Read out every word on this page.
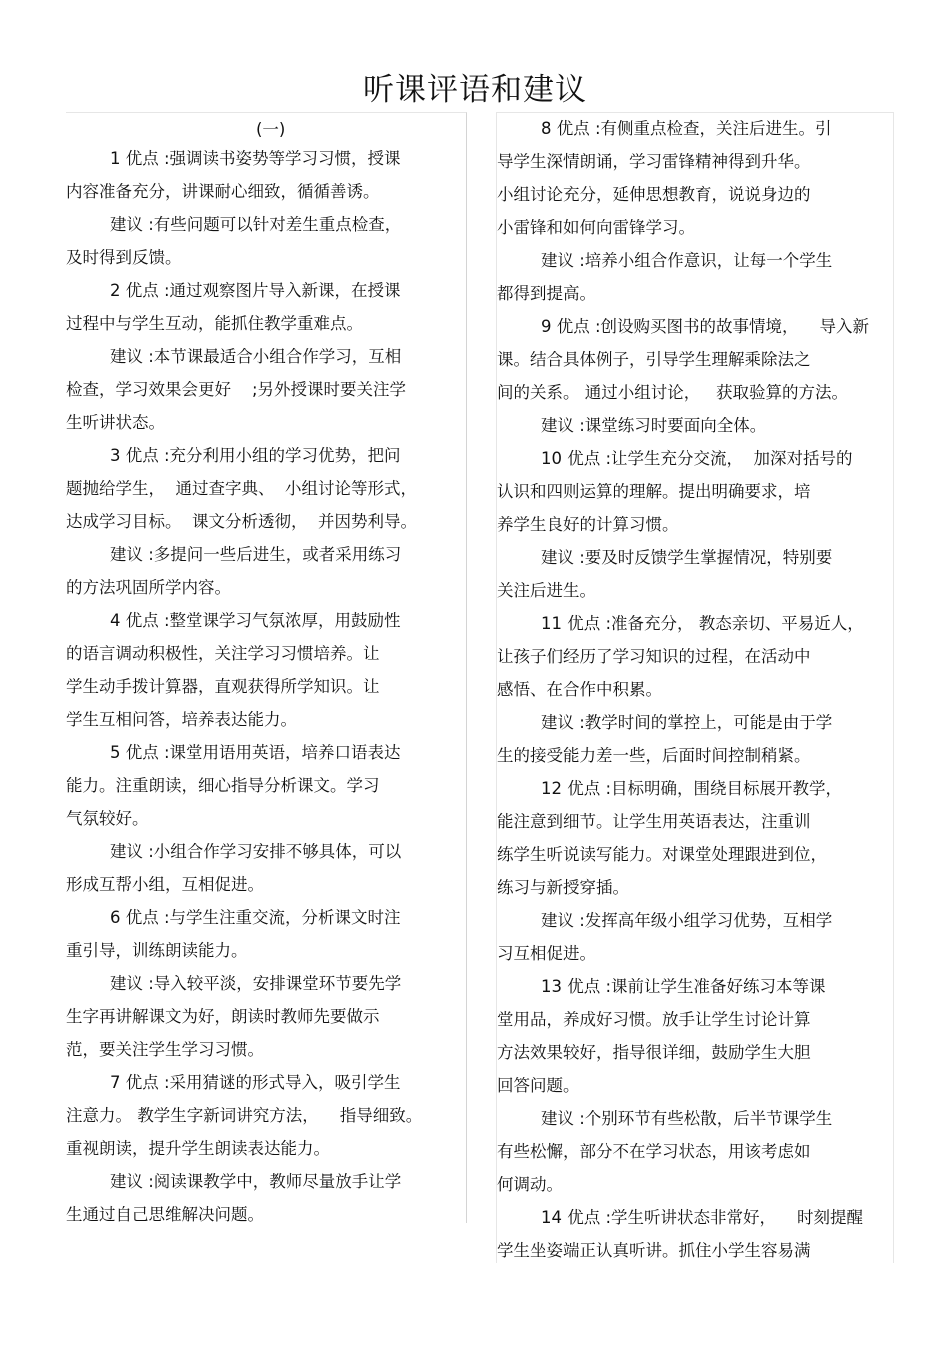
听课评语和建议
(一)
1 优点 :强调读书姿势等学习习惯，授课
内容准备充分，讲课耐心细致，循循善诱。
建议 :有些问题可以针对差生重点检查，
及时得到反馈。
2 优点 :通过观察图片导入新课，在授课
过程中与学生互动，能抓住教学重难点。
建议 :本节课最适合小组合作学习，互相
检查，学习效果会更好    ;另外授课时要关注学
生听讲状态。
3 优点 :充分利用小组的学习优势，把问
题抛给学生，  通过查字典、  小组讨论等形式，
达成学习目标。  课文分析透彻，  并因势利导。
建议 :多提问一些后进生，或者采用练习
的方法巩固所学内容。
4 优点 :整堂课学习气氛浓厚，用鼓励性
的语言调动积极性，关注学习习惯培养。让
学生动手拨计算器，直观获得所学知识。让
学生互相问答，培养表达能力。
5 优点 :课堂用语用英语，培养口语表达
能力。注重朗读，细心指导分析课文。学习
气氛较好。
建议 :小组合作学习安排不够具体，可以
形成互帮小组，互相促进。
6 优点 :与学生注重交流，分析课文时注
重引导，训练朗读能力。
建议 :导入较平淡，安排课堂环节要先学
生字再讲解课文为好，朗读时教师先要做示
范，要关注学生学习习惯。
7 优点 :采用猜谜的形式导入，吸引学生
注意力。 教学生字新词讲究方法，    指导细致。
重视朗读，提升学生朗读表达能力。
建议 :阅读课教学中，教师尽量放手让学
生通过自己思维解决问题。
8 优点 :有侧重点检查，关注后进生。引
导学生深情朗诵，学习雷锋精神得到升华。
小组讨论充分，延伸思想教育，说说身边的
小雷锋和如何向雷锋学习。
建议 :培养小组合作意识，让每一个学生
都得到提高。
9 优点 :创设购买图书的故事情境，    导入新
课。结合具体例子，引导学生理解乘除法之
间的关系。 通过小组讨论，   获取验算的方法。
建议 :课堂练习时要面向全体。
10 优点 :让学生充分交流，  加深对括号的
认识和四则运算的理解。提出明确要求，培
养学生良好的计算习惯。
建议 :要及时反馈学生掌握情况，特别要
关注后进生。
11 优点 :准备充分， 教态亲切、平易近人，
让孩子们经历了学习知识的过程，在活动中
感悟、在合作中积累。
建议 :教学时间的掌控上，可能是由于学
生的接受能力差一些，后面时间控制稍紧。
12 优点 :目标明确，围绕目标展开教学，
能注意到细节。让学生用英语表达，注重训
练学生听说读写能力。对课堂处理跟进到位，
练习与新授穿插。
建议 :发挥高年级小组学习优势，互相学
习互相促进。
13 优点 :课前让学生准备好练习本等课
堂用品，养成好习惯。放手让学生讨论计算
方法效果较好，指导很详细，鼓励学生大胆
回答问题。
建议 :个别环节有些松散，后半节课学生
有些松懈，部分不在学习状态，用该考虑如
何调动。
14 优点 :学生听讲状态非常好，    时刻提醒
学生坐姿端正认真听讲。抓住小学生容易满
